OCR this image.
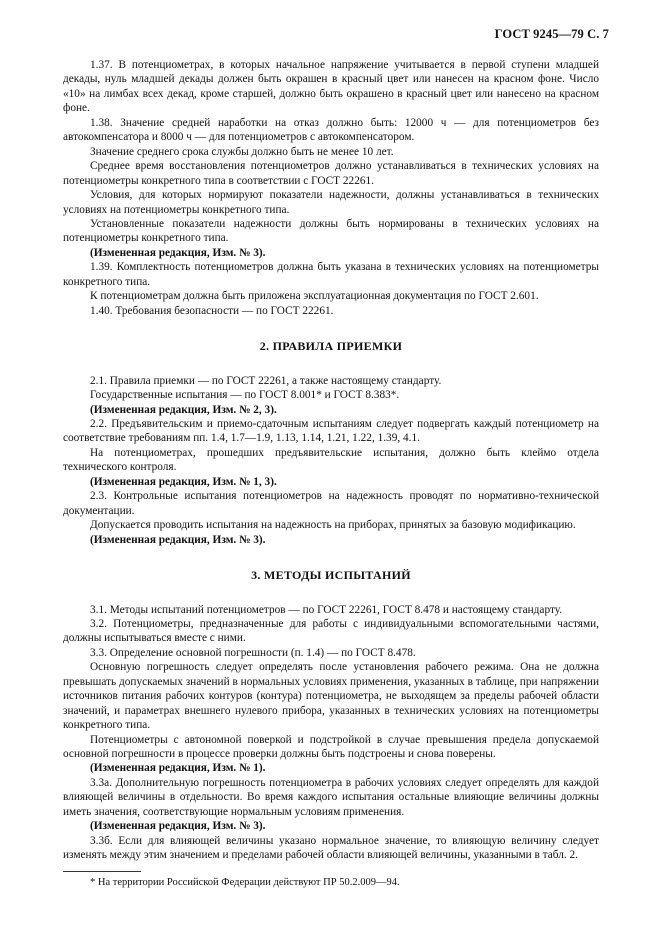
ГОСТ 9245—79 С. 7

1.37. В потенциометрах, в которых начальное напряжение учитывается в первой ступени младшей декады, нуль младшей декады должен быть окрашен в красный цвет или нанесен на красном фоне. Число «10» на лимбах всех декад, кроме старшей, должно быть окрашено в красный цвет или нанесено на красном фоне.

1.38. Значение средней наработки на отказ должно быть: 12000 ч — для потенциометров без автокомпенсатора и 8000 ч — для потенциометров с автокомпенсатором.

Значение среднего срока службы должно быть не менее 10 лет.

Среднее время восстановления потенциометров должно устанавливаться в технических условиях на потенциометры конкретного типа в соответствии с ГОСТ 22261.

Условия, для которых нормируют показатели надежности, должны устанавливаться в технических условиях на потенциометры конкретного типа.

Установленные показатели надежности должны быть нормированы в технических условиях на потенциометры конкретного типа.

(Измененная редакция, Изм. № 3).

1.39. Комплектность потенциометров должна быть указана в технических условиях на потенциометры конкретного типа.

К потенциометрам должна быть приложена эксплуатационная документация по ГОСТ 2.601.

1.40. Требования безопасности — по ГОСТ 22261.

2. ПРАВИЛА ПРИЕМКИ

2.1. Правила приемки — по ГОСТ 22261, а также настоящему стандарту.

Государственные испытания — по ГОСТ 8.001* и ГОСТ 8.383*.

(Измененная редакция, Изм. № 2, 3).

2.2. Предъявительским и приемо-сдаточным испытаниям следует подвергать каждый потенциометр на соответствие требованиям пп. 1.4, 1.7—1.9, 1.13, 1.14, 1.21, 1.22, 1.39, 4.1.

На потенциометрах, прошедших предъявительские испытания, должно быть клеймо отдела технического контроля.

(Измененная редакция, Изм. № 1, 3).

2.3. Контрольные испытания потенциометров на надежность проводят по нормативно-технической документации.

Допускается проводить испытания на надежность на приборах, принятых за базовую модификацию.

(Измененная редакция, Изм. № 3).

3. МЕТОДЫ ИСПЫТАНИЙ

3.1. Методы испытаний потенциометров — по ГОСТ 22261, ГОСТ 8.478 и настоящему стандарту.

3.2. Потенциометры, предназначенные для работы с индивидуальными вспомогательными частями, должны испытываться вместе с ними.

3.3. Определение основной погрешности (п. 1.4) — по ГОСТ 8.478.

Основную погрешность следует определять после установления рабочего режима. Она не должна превышать допускаемых значений в нормальных условиях применения, указанных в таблице, при напряжении источников питания рабочих контуров (контура) потенциометра, не выходящем за пределы рабочей области значений, и параметрах внешнего нулевого прибора, указанных в технических условиях на потенциометры конкретного типа.

Потенциометры с автономной поверкой и подстройкой в случае превышения предела допускаемой основной погрешности в процессе проверки должны быть подстроены и снова поверены.

(Измененная редакция, Изм. № 1).

3.3а. Дополнительную погрешность потенциометра в рабочих условиях следует определять для каждой влияющей величины в отдельности. Во время каждого испытания остальные влияющие величины должны иметь значения, соответствующие нормальным условиям применения.

(Измененная редакция, Изм. № 3).

3.3б. Если для влияющей величины указано нормальное значение, то влияющую величину следует изменять между этим значением и пределами рабочей области влияющей величины, указанными в табл. 2.

* На территории Российской Федерации действуют ПР 50.2.009—94.
